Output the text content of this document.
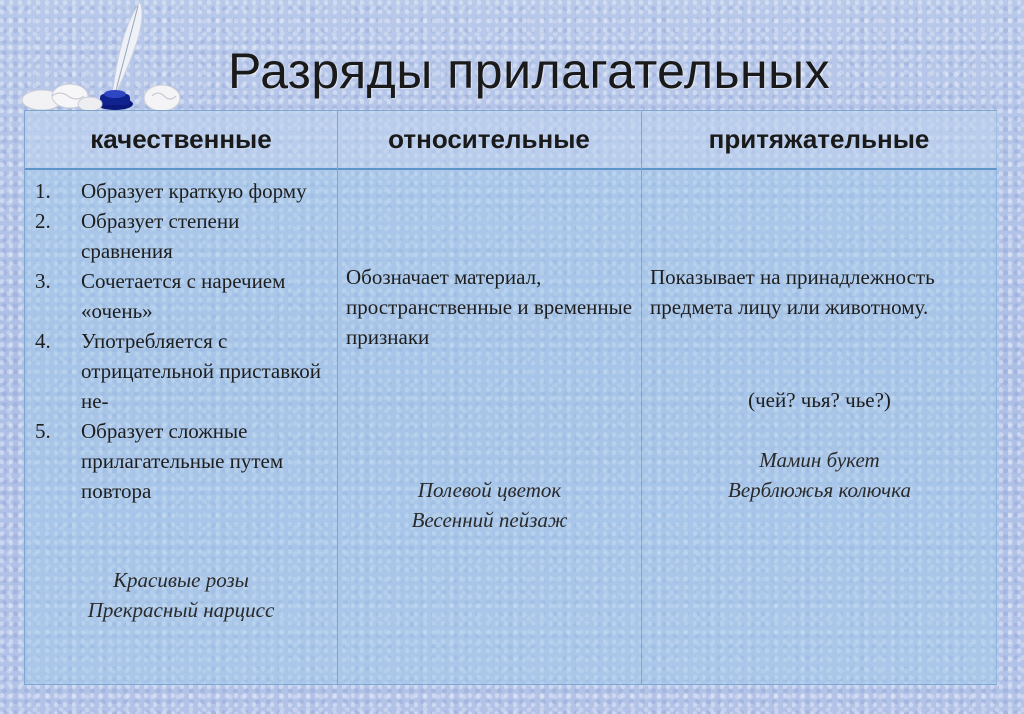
Разряды прилагательных
1. Образует краткую форму
2. Образует степени сравнения
3. Сочетается с наречием «очень»
4. Употребляется с отрицательной приставкой не-
5. Образует сложные прилагательные путем повтора
Красивые розы
Прекрасный нарцисс
Обозначает материал, пространственные и временные признаки
Полевой цветок
Весенний пейзаж
Показывает на принадлежность предмета лицу или животному.
(чей? чья? чье?)
Мамин букет
Верблюжья колючка
качественные	относительные	притяжательные
